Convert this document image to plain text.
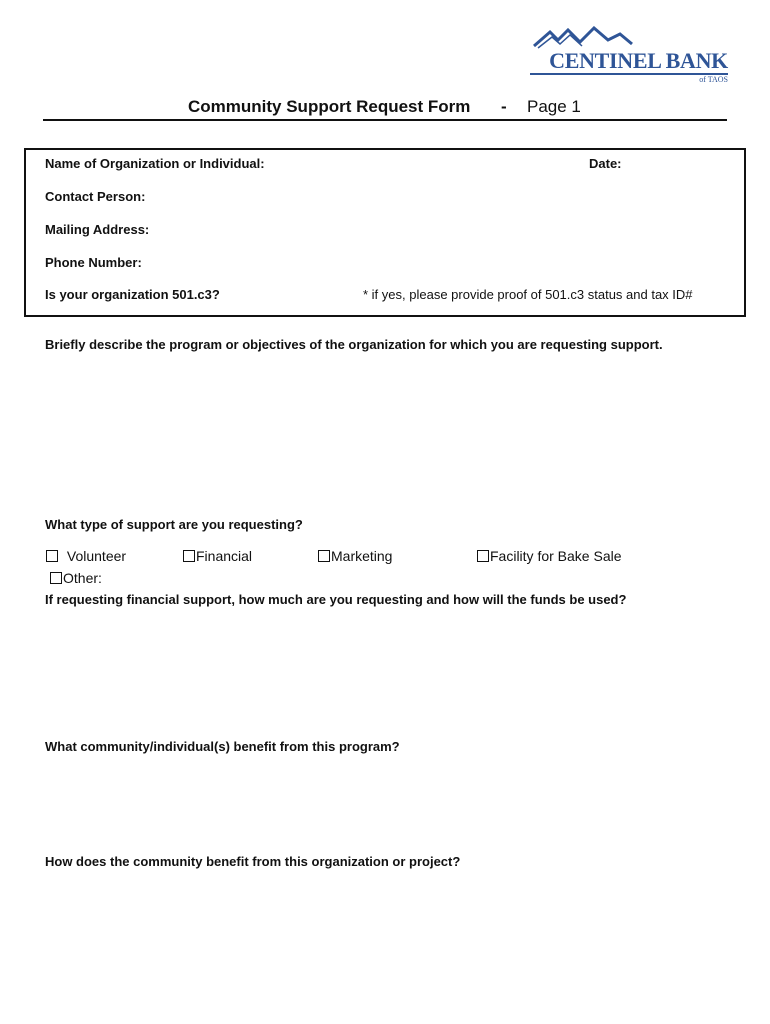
CENTINEL BANK
of TAOS
Community Support Request Form - Page 1
Name of Organization or Individual:	Date:
Contact Person:
Mailing Address:
Phone Number:
Is your organization 501.c3?	* if yes, please provide proof of 501.c3 status and tax ID#
Briefly describe the program or objectives of the organization for which you are requesting support.
What type of support are you requesting?
Volunteer	Financial	Marketing	Facility for Bake Sale
Other:
If requesting financial support, how much are you requesting and how will the funds be used?
What community/individual(s) benefit from this program?
How does the community benefit from this organization or project?
